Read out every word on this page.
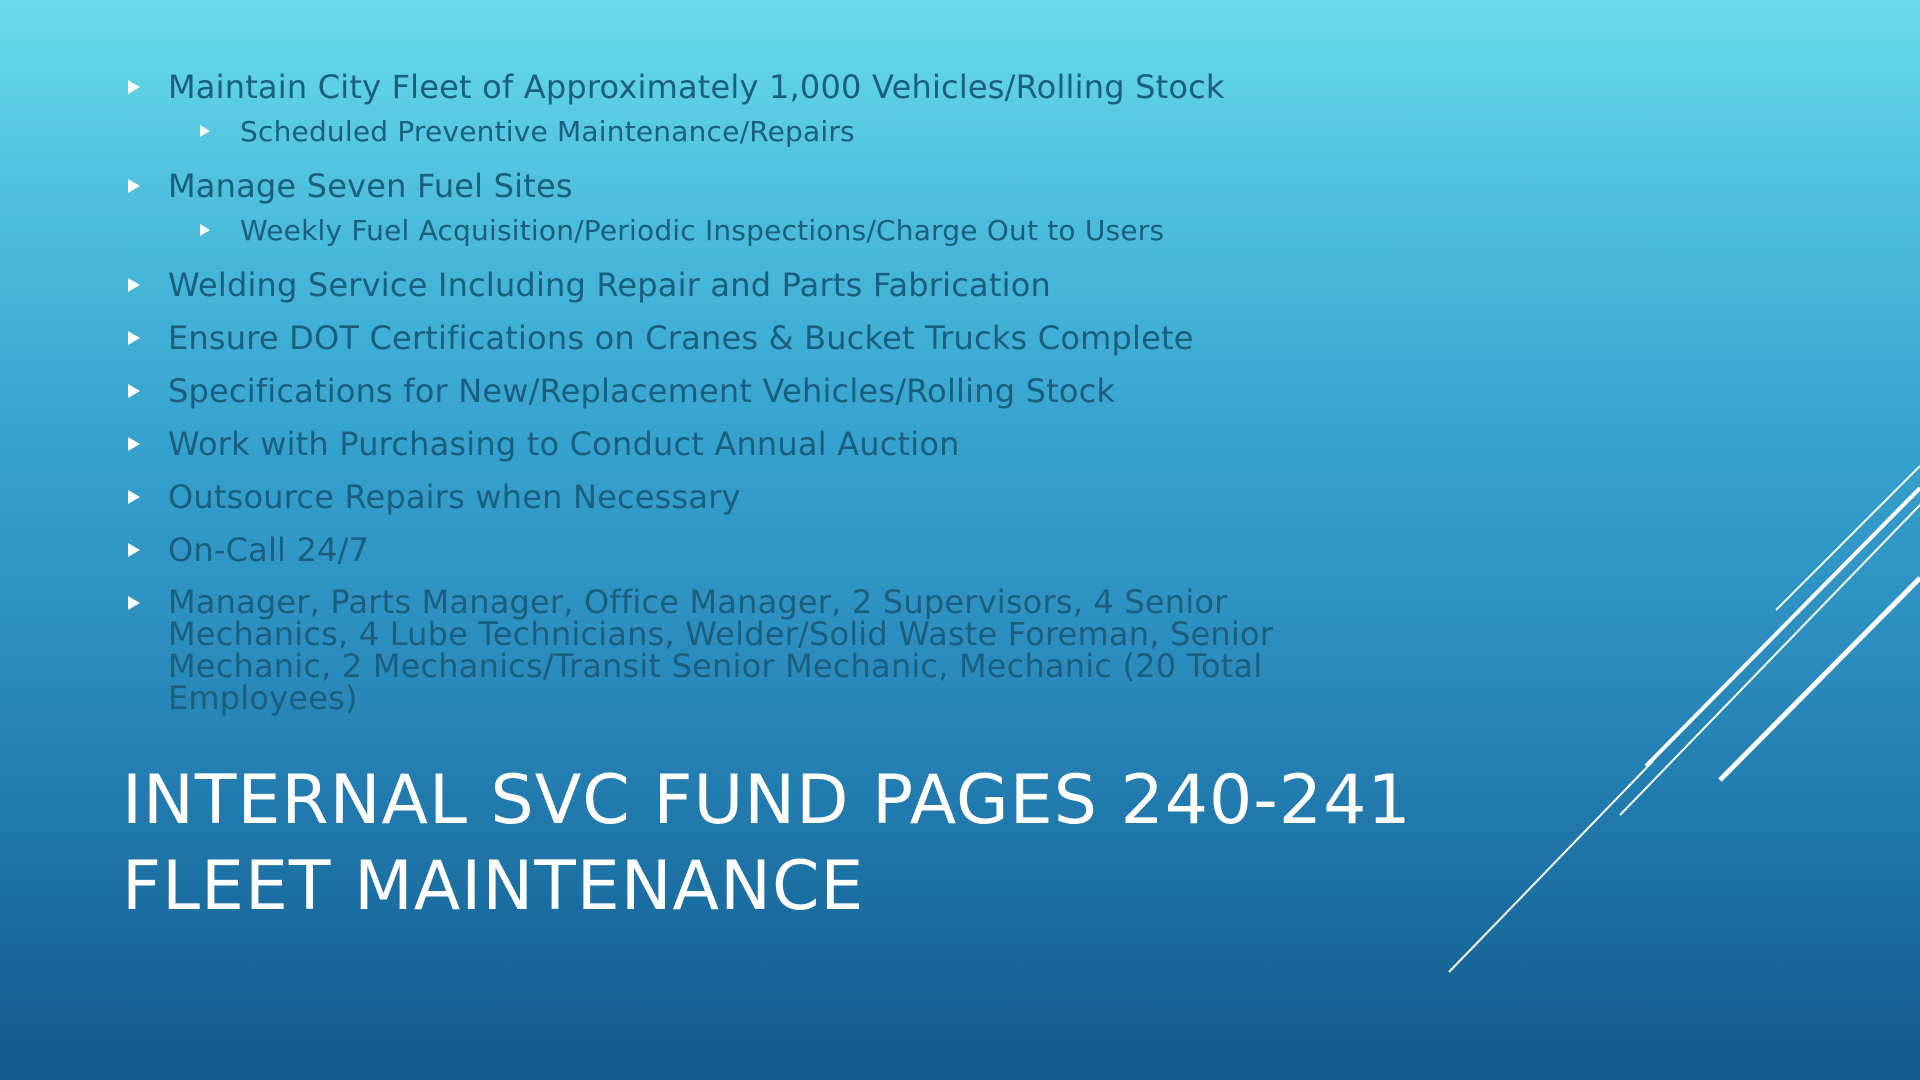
Maintain City Fleet of Approximately 1,000 Vehicles/Rolling Stock
Scheduled Preventive Maintenance/Repairs
Manage Seven Fuel Sites
Weekly Fuel Acquisition/Periodic Inspections/Charge Out to Users
Welding Service Including Repair and Parts Fabrication
Ensure DOT Certifications on Cranes & Bucket Trucks Complete
Specifications for New/Replacement Vehicles/Rolling Stock
Work with Purchasing to Conduct Annual Auction
Outsource Repairs when Necessary
On-Call 24/7
Manager, Parts Manager, Office Manager, 2 Supervisors, 4 Senior Mechanics, 4 Lube Technicians, Welder/Solid Waste Foreman, Senior Mechanic, 2 Mechanics/Transit Senior Mechanic, Mechanic (20 Total Employees)
INTERNAL SVC FUND PAGES 240-241
FLEET MAINTENANCE
